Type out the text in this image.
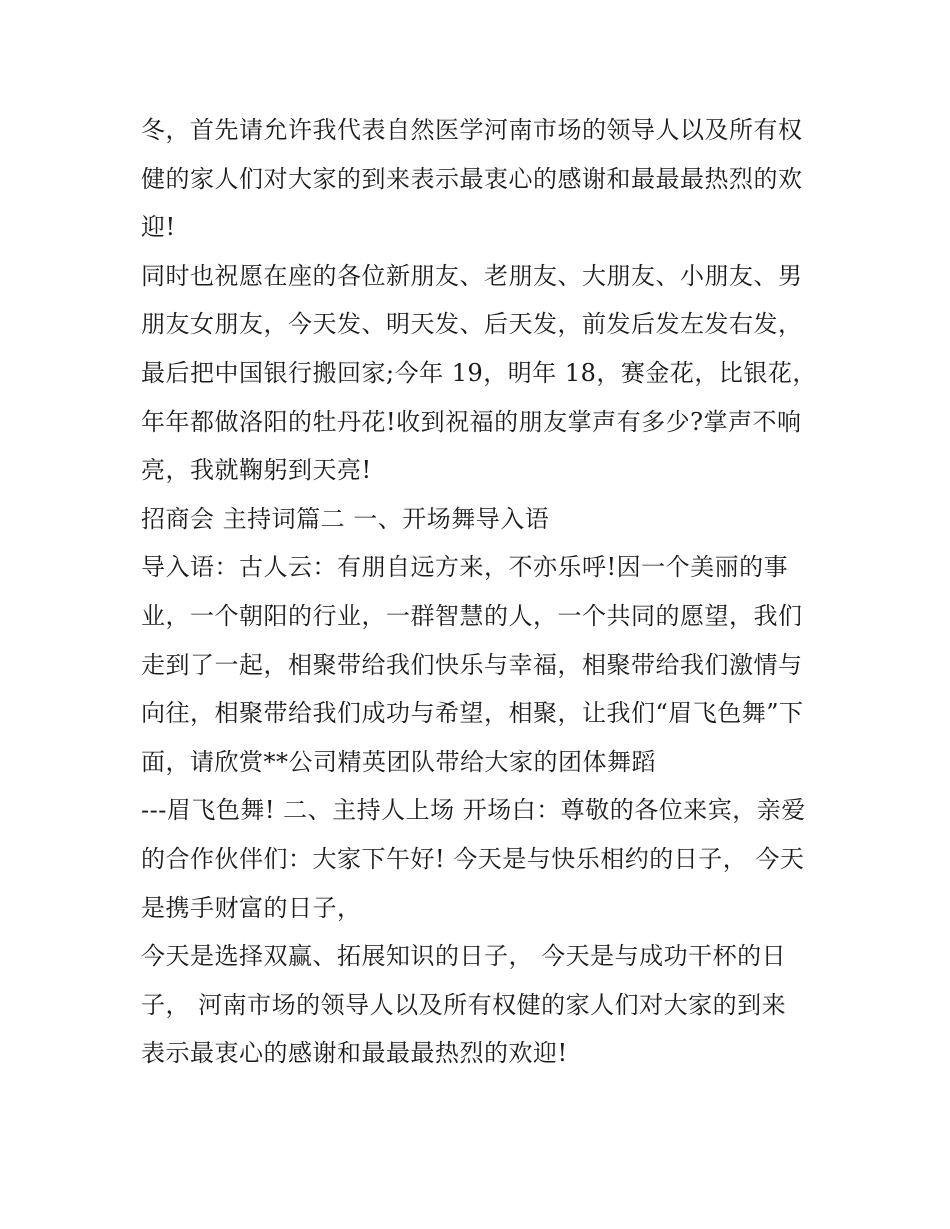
冬，首先请允许我代表自然医学河南市场的领导人以及所有权
健的家人们对大家的到来表示最衷心的感谢和最最最热烈的欢
迎!
同时也祝愿在座的各位新朋友、老朋友、大朋友、小朋友、男
朋友女朋友，今天发、明天发、后天发，前发后发左发右发，
最后把中国银行搬回家;今年 19，明年 18，赛金花，比银花，
年年都做洛阳的牡丹花!收到祝福的朋友掌声有多少?掌声不响
亮，我就鞠躬到天亮!
招商会 主持词篇二 一、开场舞导入语
导入语：古人云：有朋自远方来，不亦乐呼!因一个美丽的事
业，一个朝阳的行业，一群智慧的人，一个共同的愿望，我们
走到了一起，相聚带给我们快乐与幸福，相聚带给我们激情与
向往，相聚带给我们成功与希望，相聚，让我们“眉飞色舞”下
面，请欣赏**公司精英团队带给大家的团体舞蹈
---眉飞色舞! 二、主持人上场 开场白：尊敬的各位来宾，亲爱
的合作伙伴们：大家下午好! 今天是与快乐相约的日子， 今天
是携手财富的日子，
今天是选择双赢、拓展知识的日子， 今天是与成功干杯的日
子， 河南市场的领导人以及所有权健的家人们对大家的到来
表示最衷心的感谢和最最最热烈的欢迎!
